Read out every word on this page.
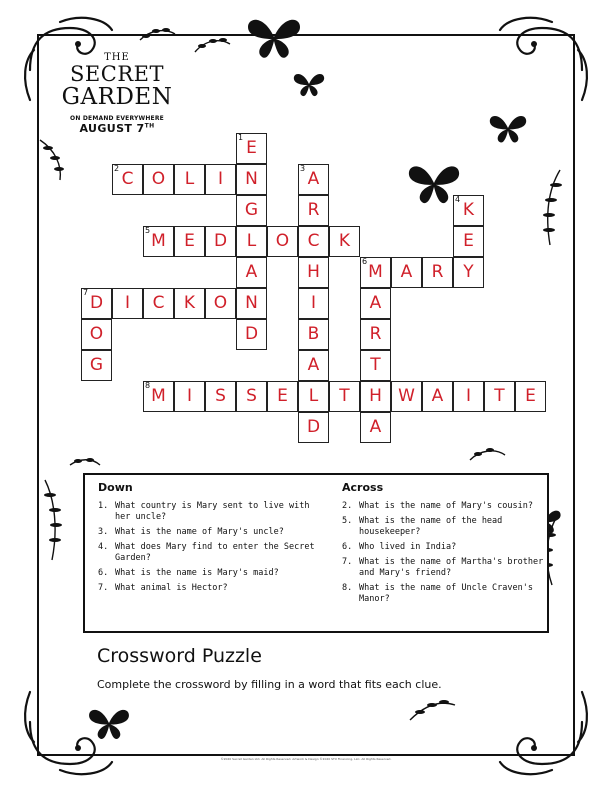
THE
SECRET
GARDEN
ON DEMAND EVERYWHERE
AUGUST 7TH
1
E
N
G
L
A
N
D
2
C	O	L	I
3
A
R
C
H
I
B
A
L
D
4
K
E
Y
5
M	E	D	O	K
6
M	A	R
A
R
T
H
A
7
D	I	C	K	O
O
G
8
M	I	S	S	E	T	W A	I	T	E
Down
1. What country is Mary sent to live with her uncle?
3. What is the name of Mary's uncle?
4. What does Mary find to enter the Secret Garden?
6. What is the name is Mary's maid?
7. What animal is Hector?
Across
2. What is the name of Mary's cousin?
5. What is the name of the head housekeeper?
6. Who lived in India?
7. What is the name of Martha's brother and Mary's friend?
8. What is the name of Uncle Craven's Manor?
Crossword Puzzle
Complete the crossword by filling in a word that fits each clue.
©2020 Secret Garden Ltd. All Rights Reserved. Artwork & Design ©2020 STX Financing, LLC. All Rights Reserved.
